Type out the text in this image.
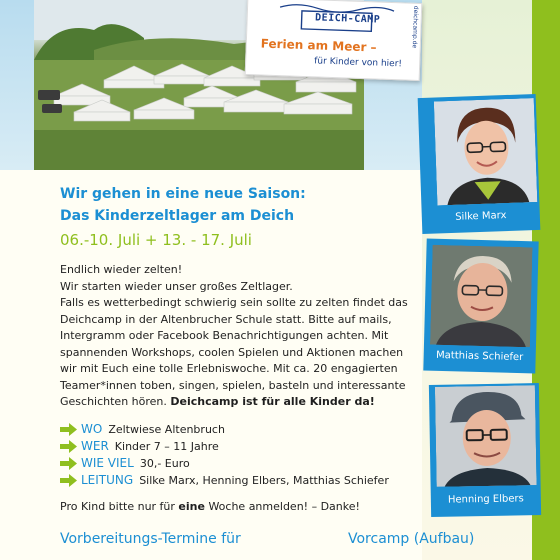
DEICH-CAMP	deichcamp.de
Ferien am Meer –
für Kinder von hier!
Silke Marx
Matthias Schiefer
Henning Elbers
Wir gehen in eine neue Saison:
Das Kinderzeltlager am Deich
06.-10. Juli + 13. - 17. Juli

Endlich wieder zelten!

Wir starten wieder unser großes Zeltlager.

Falls es wetterbedingt schwierig sein sollte zu zelten findet das Deichcamp in der Altenbrucher Schule statt. Bitte auf mails, Intergramm oder Facebook Benachrichtigungen achten. Mit spannenden Workshops, coolen Spielen und Aktionen machen wir mit Euch eine tolle Erlebniswoche. Mit ca. 20 engagierten Teamer*innen toben, singen, spielen, basteln und interessante Geschichten hören. Deichcamp ist für alle Kinder da!

WO Zeltwiese Altenbruch
WER Kinder 7 – 11 Jahre
WIE VIEL 30,- Euro
LEITUNG Silke Marx, Henning Elbers, Matthias Schiefer
Pro Kind bitte nur für eine Woche anmelden! – Danke!
Vorbereitungs-Termine für	Vorcamp (Aufbau)
